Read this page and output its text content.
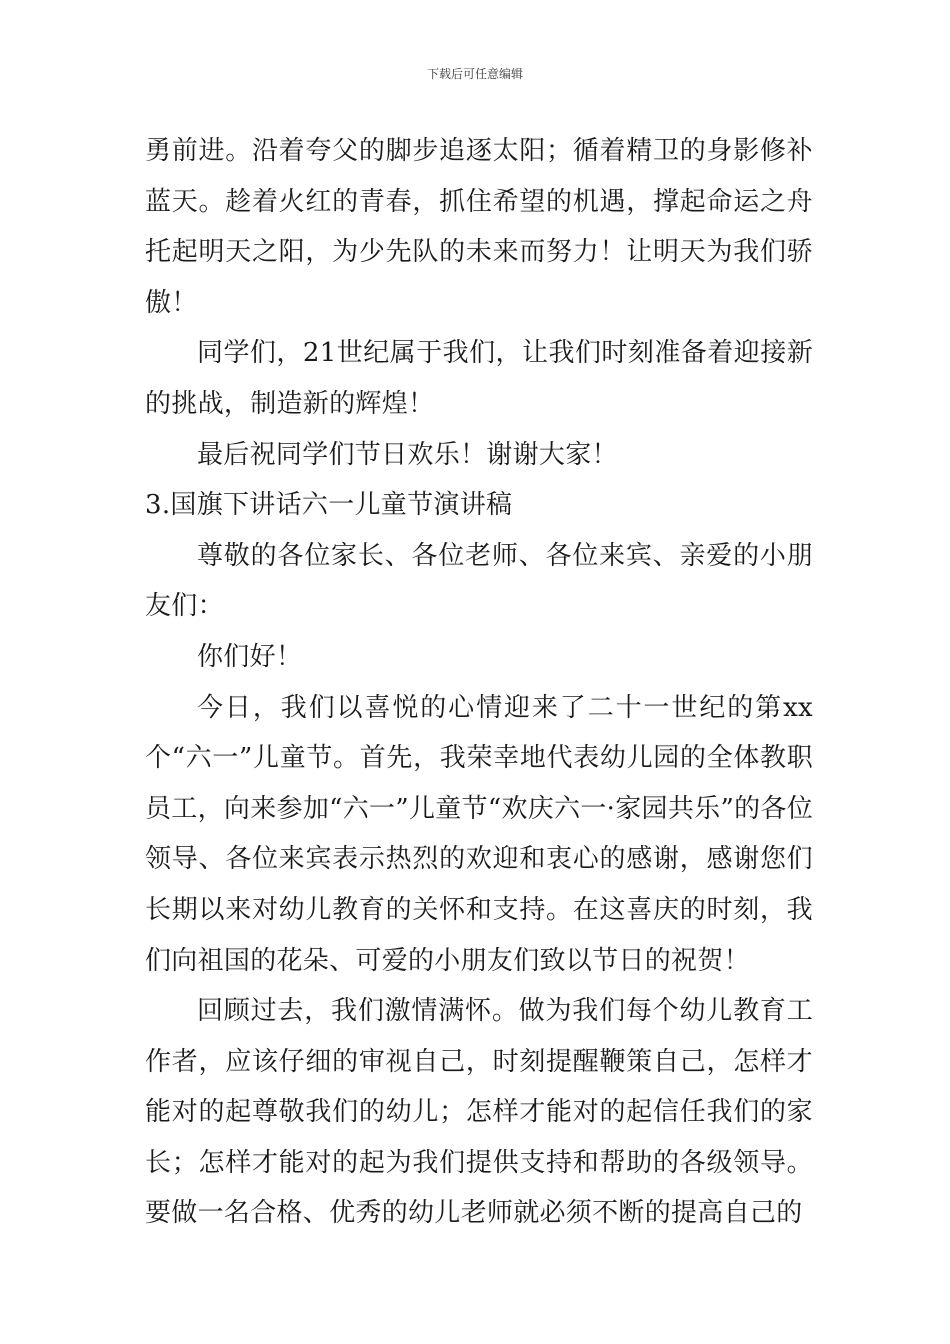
下载后可任意编辑

勇前进。沿着夸父的脚步追逐太阳；循着精卫的身影修补蓝天。趁着火红的青春，抓住希望的机遇，撑起命运之舟托起明天之阳，为少先队的未来而努力！让明天为我们骄傲！

同学们，21世纪属于我们，让我们时刻准备着迎接新的挑战，制造新的辉煌！

最后祝同学们节日欢乐！谢谢大家！

3.国旗下讲话六一儿童节演讲稿

尊敬的各位家长、各位老师、各位来宾、亲爱的小朋友们：

你们好！

今日，我们以喜悦的心情迎来了二十一世纪的第xx个“六一”儿童节。首先，我荣幸地代表幼儿园的全体教职员工，向来参加“六一”儿童节“欢庆六一·家园共乐”的各位领导、各位来宾表示热烈的欢迎和衷心的感谢，感谢您们长期以来对幼儿教育的关怀和支持。在这喜庆的时刻，我们向祖国的花朵、可爱的小朋友们致以节日的祝贺！

回顾过去，我们激情满怀。做为我们每个幼儿教育工作者，应该仔细的审视自己，时刻提醒鞭策自己，怎样才能对的起尊敬我们的幼儿；怎样才能对的起信任我们的家长；怎样才能对的起为我们提供支持和帮助的各级领导。要做一名合格、优秀的幼儿老师就必须不断的提高自己的
